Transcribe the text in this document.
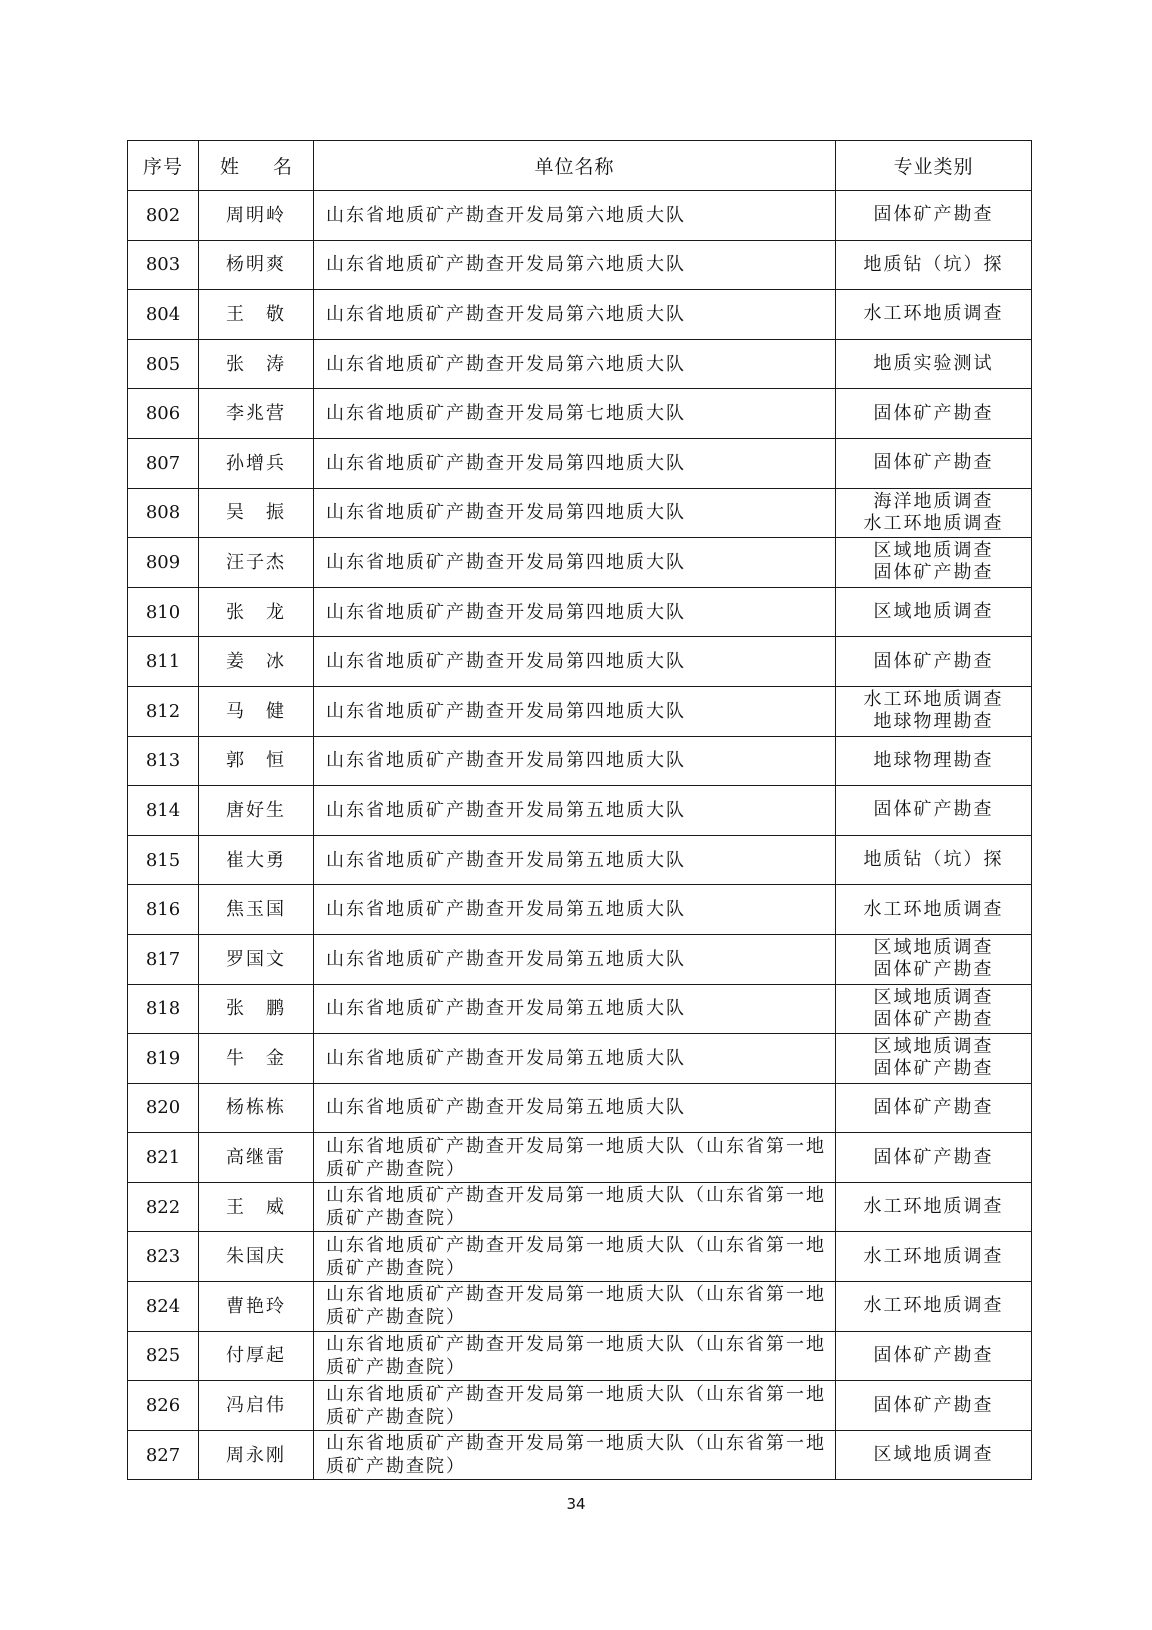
序号	姓 名	单位名称	专业类别
802	周明岭	山东省地质矿产勘查开发局第六地质大队	固体矿产勘查

803	杨明爽	山东省地质矿产勘查开发局第六地质大队	地质钻（坑）探

804	王　敬	山东省地质矿产勘查开发局第六地质大队	水工环地质调查

805	张　涛	山东省地质矿产勘查开发局第六地质大队	地质实验测试

806	李兆营	山东省地质矿产勘查开发局第七地质大队	固体矿产勘查

807	孙增兵	山东省地质矿产勘查开发局第四地质大队	固体矿产勘查

808	吴　振	山东省地质矿产勘查开发局第四地质大队	海洋地质调查
水工环地质调查

809	汪子杰	山东省地质矿产勘查开发局第四地质大队	区域地质调查
固体矿产勘查

810	张　龙	山东省地质矿产勘查开发局第四地质大队	区域地质调查

811	姜　冰	山东省地质矿产勘查开发局第四地质大队	固体矿产勘查

812	马　健	山东省地质矿产勘查开发局第四地质大队	水工环地质调查
地球物理勘查

813	郭　恒	山东省地质矿产勘查开发局第四地质大队	地球物理勘查

814	唐好生	山东省地质矿产勘查开发局第五地质大队	固体矿产勘查

815	崔大勇	山东省地质矿产勘查开发局第五地质大队	地质钻（坑）探

816	焦玉国	山东省地质矿产勘查开发局第五地质大队	水工环地质调查

817	罗国文	山东省地质矿产勘查开发局第五地质大队	区域地质调查
固体矿产勘查

818	张　鹏	山东省地质矿产勘查开发局第五地质大队	区域地质调查
固体矿产勘查

819	牛　金	山东省地质矿产勘查开发局第五地质大队	区域地质调查
固体矿产勘查

820	杨栋栋	山东省地质矿产勘查开发局第五地质大队	固体矿产勘查

821	高继雷	山东省地质矿产勘查开发局第一地质大队（山东省第一地质矿产勘查院）	固体矿产勘查

822	王　威	山东省地质矿产勘查开发局第一地质大队（山东省第一地质矿产勘查院）	水工环地质调查

823	朱国庆	山东省地质矿产勘查开发局第一地质大队（山东省第一地质矿产勘查院）	水工环地质调查

824	曹艳玲	山东省地质矿产勘查开发局第一地质大队（山东省第一地质矿产勘查院）	水工环地质调查

825	付厚起	山东省地质矿产勘查开发局第一地质大队（山东省第一地质矿产勘查院）	固体矿产勘查

826	冯启伟	山东省地质矿产勘查开发局第一地质大队（山东省第一地质矿产勘查院）	固体矿产勘查

827	周永刚	山东省地质矿产勘查开发局第一地质大队（山东省第一地质矿产勘查院）	区域地质调查
34
